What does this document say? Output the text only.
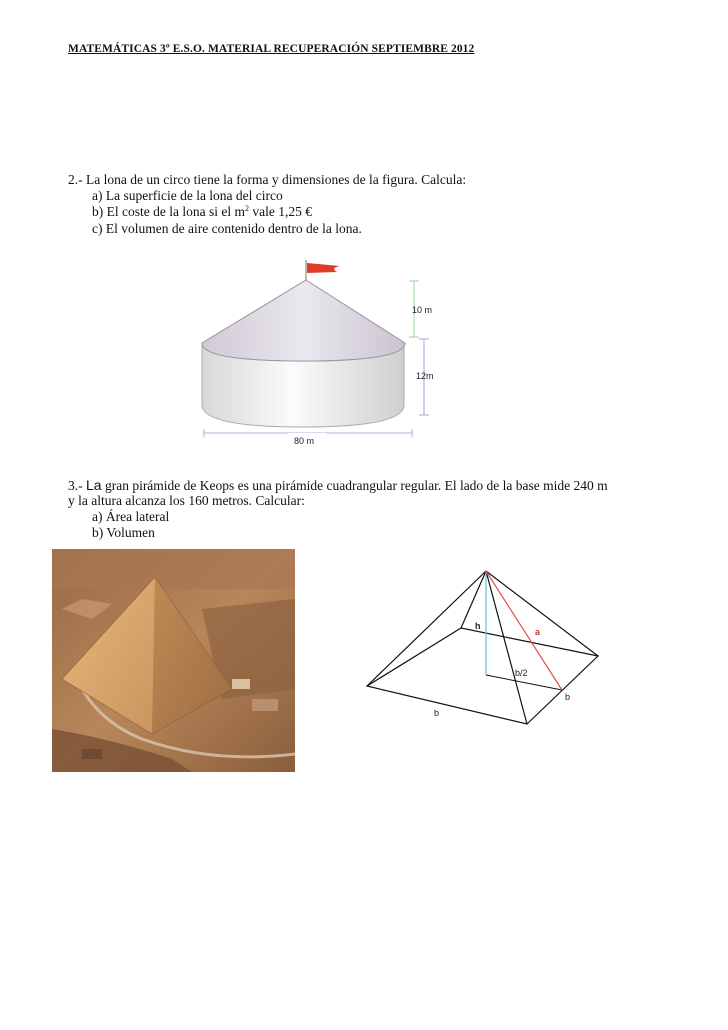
MATEMÁTICAS 3º E.S.O. MATERIAL RECUPERACIÓN SEPTIEMBRE 2012
2.- La lona de un circo tiene la forma y dimensiones de la figura. Calcula:
a) La superficie de la lona del circo
b) El coste de la lona si el $m^2$ vale 1,25 €
c) El volumen de aire contenido dentro de la lona.
10 m
12m
80 m
3.- La gran pirámide de Keops es una pirámide cuadrangular regular. El lado de la base mide 240 m
y la altura alcanza los 160 metros. Calcular:
a) Área lateral
b) Volumen
h
a
b/2
b
b
